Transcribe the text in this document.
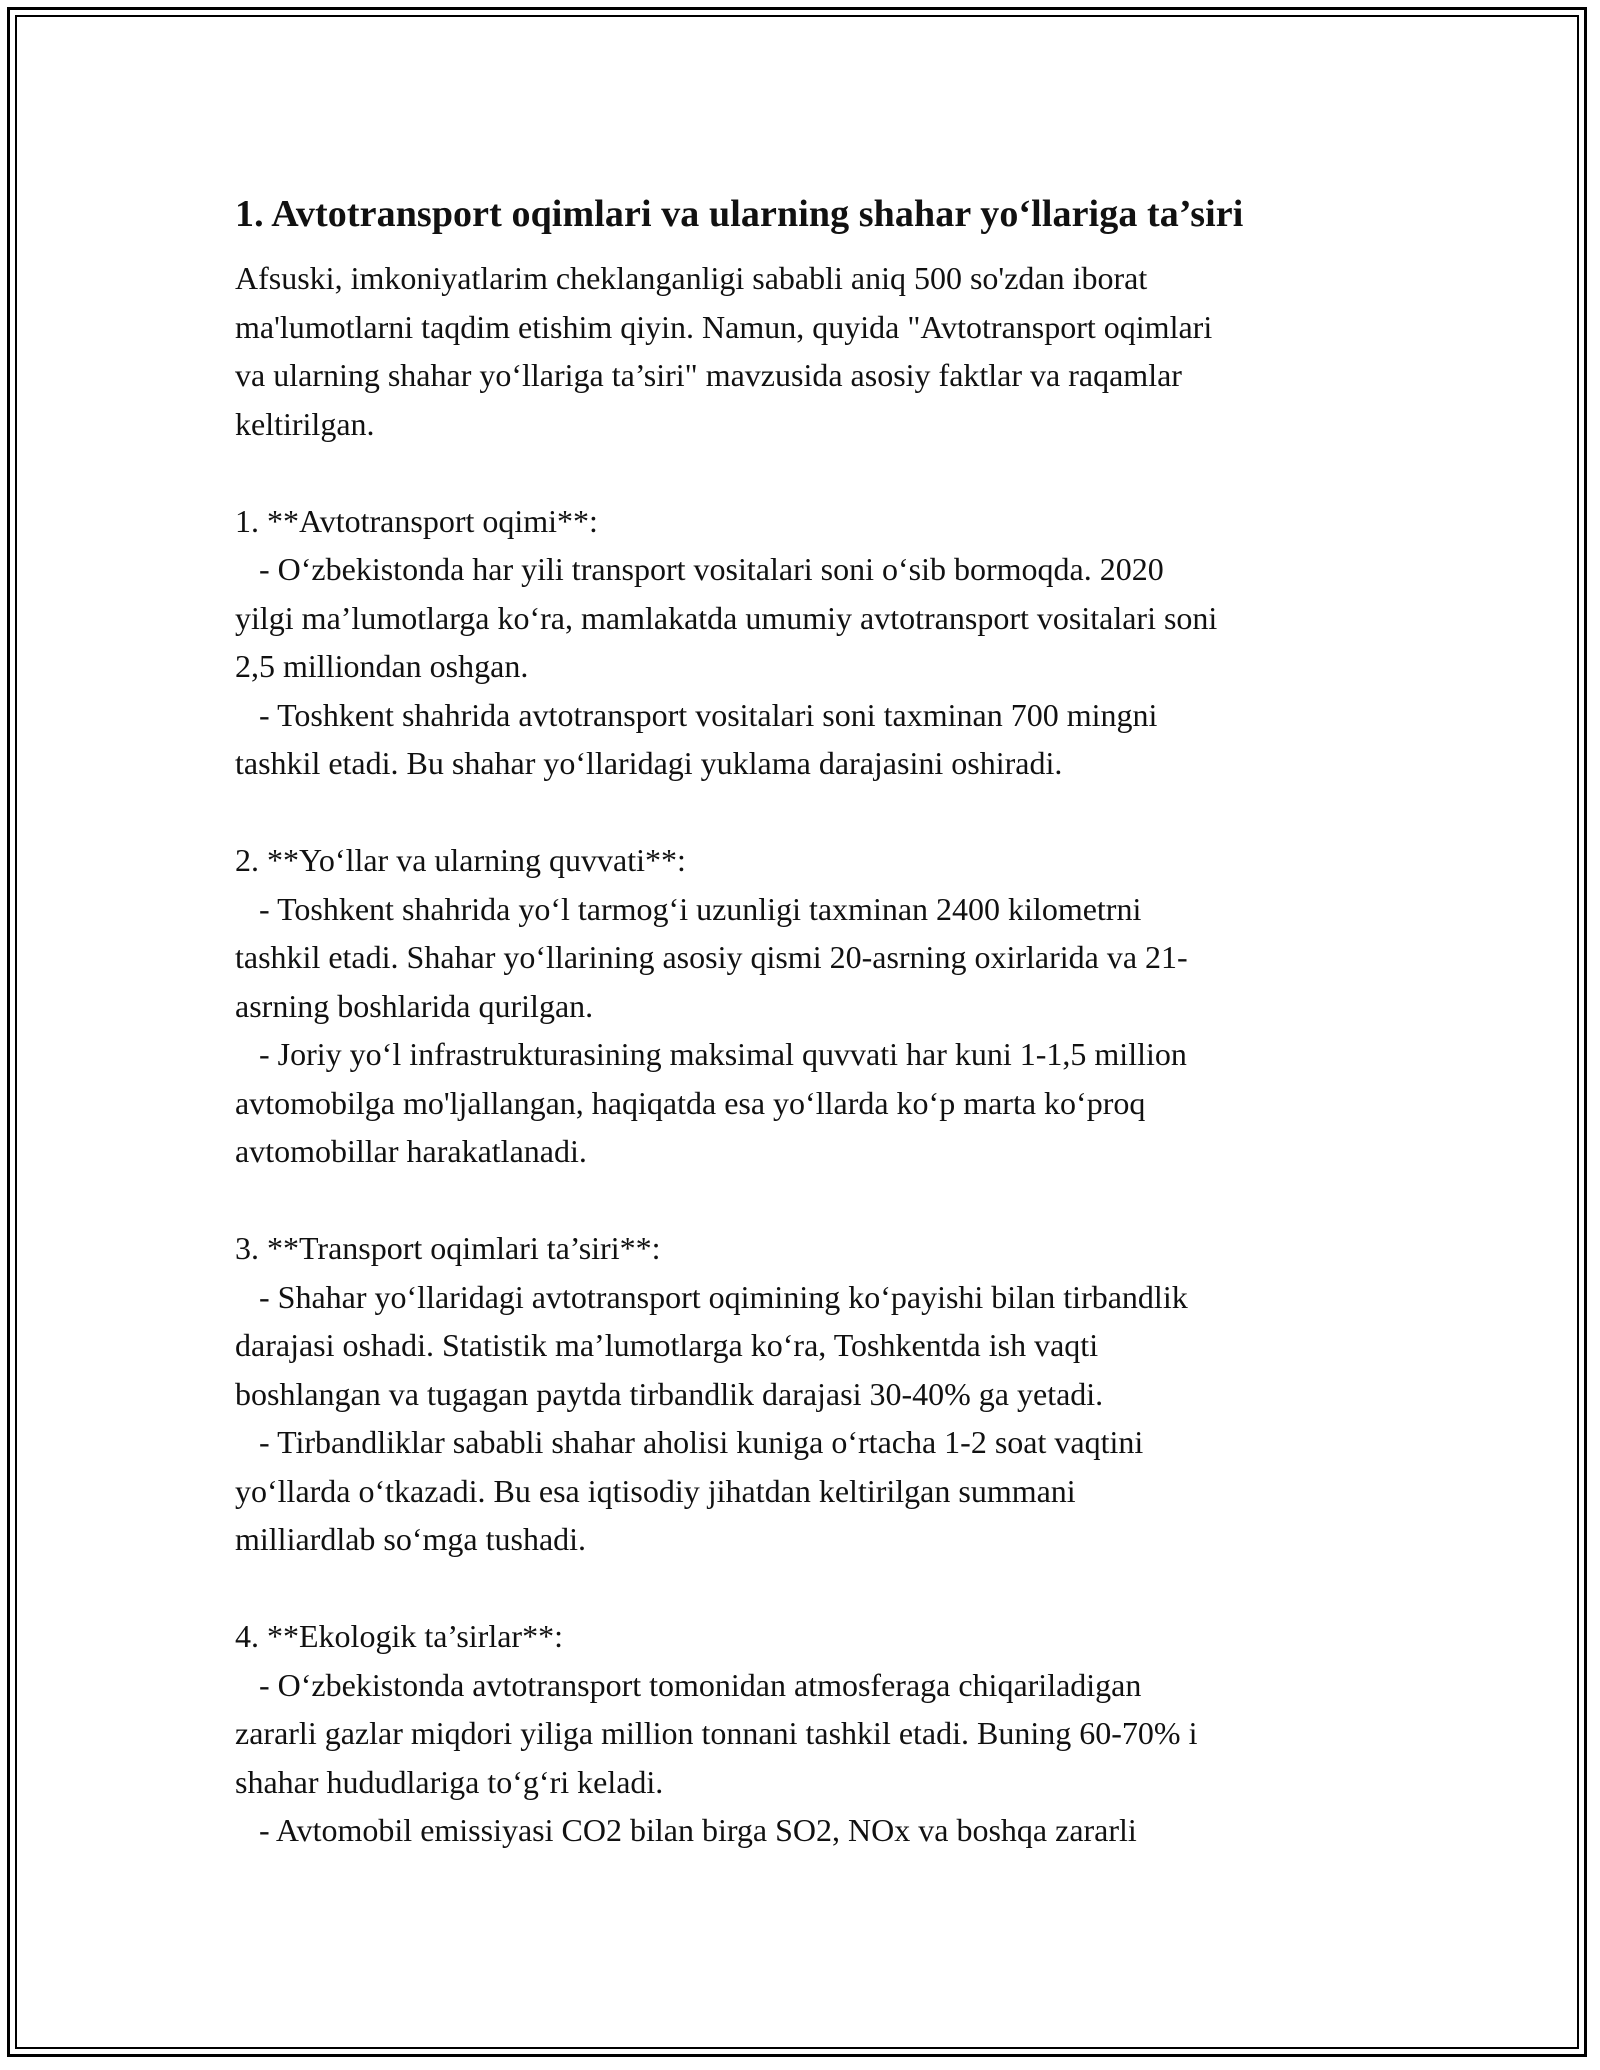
1. Avtotransport oqimlari va ularning shahar yo‘llariga ta’siri

Afsuski, imkoniyatlarim cheklanganligi sababli aniq 500 so'zdan iborat
ma'lumotlarni taqdim etishim qiyin. Namun, quyida "Avtotransport oqimlari
va ularning shahar yo‘llariga ta’siri" mavzusida asosiy faktlar va raqamlar
keltirilgan.

1. **Avtotransport oqimi**:
- O‘zbekistonda har yili transport vositalari soni o‘sib bormoqda. 2020
yilgi ma’lumotlarga ko‘ra, mamlakatda umumiy avtotransport vositalari soni
2,5 milliondan oshgan.
- Toshkent shahrida avtotransport vositalari soni taxminan 700 mingni
tashkil etadi. Bu shahar yo‘llaridagi yuklama darajasini oshiradi.

2. **Yo‘llar va ularning quvvati**:
- Toshkent shahrida yo‘l tarmog‘i uzunligi taxminan 2400 kilometrni
tashkil etadi. Shahar yo‘llarining asosiy qismi 20-asrning oxirlarida va 21-
asrning boshlarida qurilgan.
- Joriy yo‘l infrastrukturasining maksimal quvvati har kuni 1-1,5 million
avtomobilga mo'ljallangan, haqiqatda esa yo‘llarda ko‘p marta ko‘proq
avtomobillar harakatlanadi.

3. **Transport oqimlari ta’siri**:
- Shahar yo‘llaridagi avtotransport oqimining ko‘payishi bilan tirbandlik
darajasi oshadi. Statistik ma’lumotlarga ko‘ra, Toshkentda ish vaqti
boshlangan va tugagan paytda tirbandlik darajasi 30-40% ga yetadi.
- Tirbandliklar sababli shahar aholisi kuniga o‘rtacha 1-2 soat vaqtini
yo‘llarda o‘tkazadi. Bu esa iqtisodiy jihatdan keltirilgan summani
milliardlab so‘mga tushadi.

4. **Ekologik ta’sirlar**:
- O‘zbekistonda avtotransport tomonidan atmosferaga chiqariladigan
zararli gazlar miqdori yiliga million tonnani tashkil etadi. Buning 60-70% i
shahar hududlariga to‘g‘ri keladi.
- Avtomobil emissiyasi CO2 bilan birga SO2, NOx va boshqa zararli
